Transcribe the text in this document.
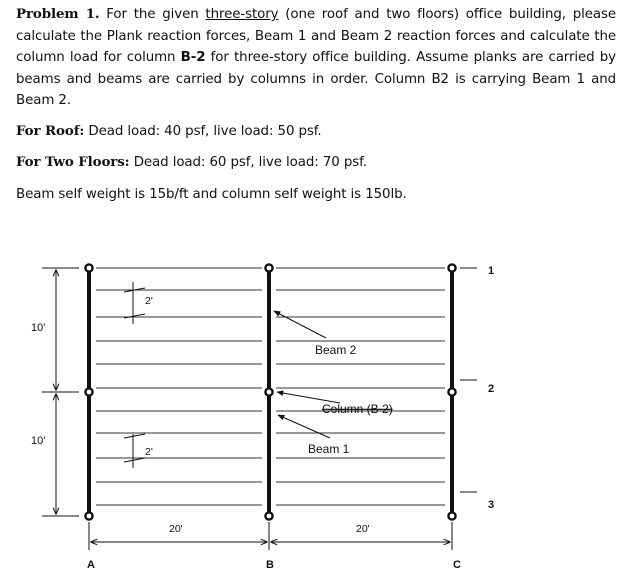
Problem 1. For the given three-story (one roof and two floors) office building, please calculate the Plank reaction forces, Beam 1 and Beam 2 reaction forces and calculate the column load for column B-2 for three-story office building. Assume planks are carried by beams and beams are carried by columns in order. Column B2 is carrying Beam 1 and Beam 2.
For Roof: Dead load: 40 psf, live load: 50 psf.
For Two Floors: Dead load: 60 psf, live load: 70 psf.
Beam self weight is 15b/ft and column self weight is 150lb.
1
2
3
A	B	C
10'
10'
20'	20'
2'
2'
Beam 2
Column (B 2)
Beam 1
